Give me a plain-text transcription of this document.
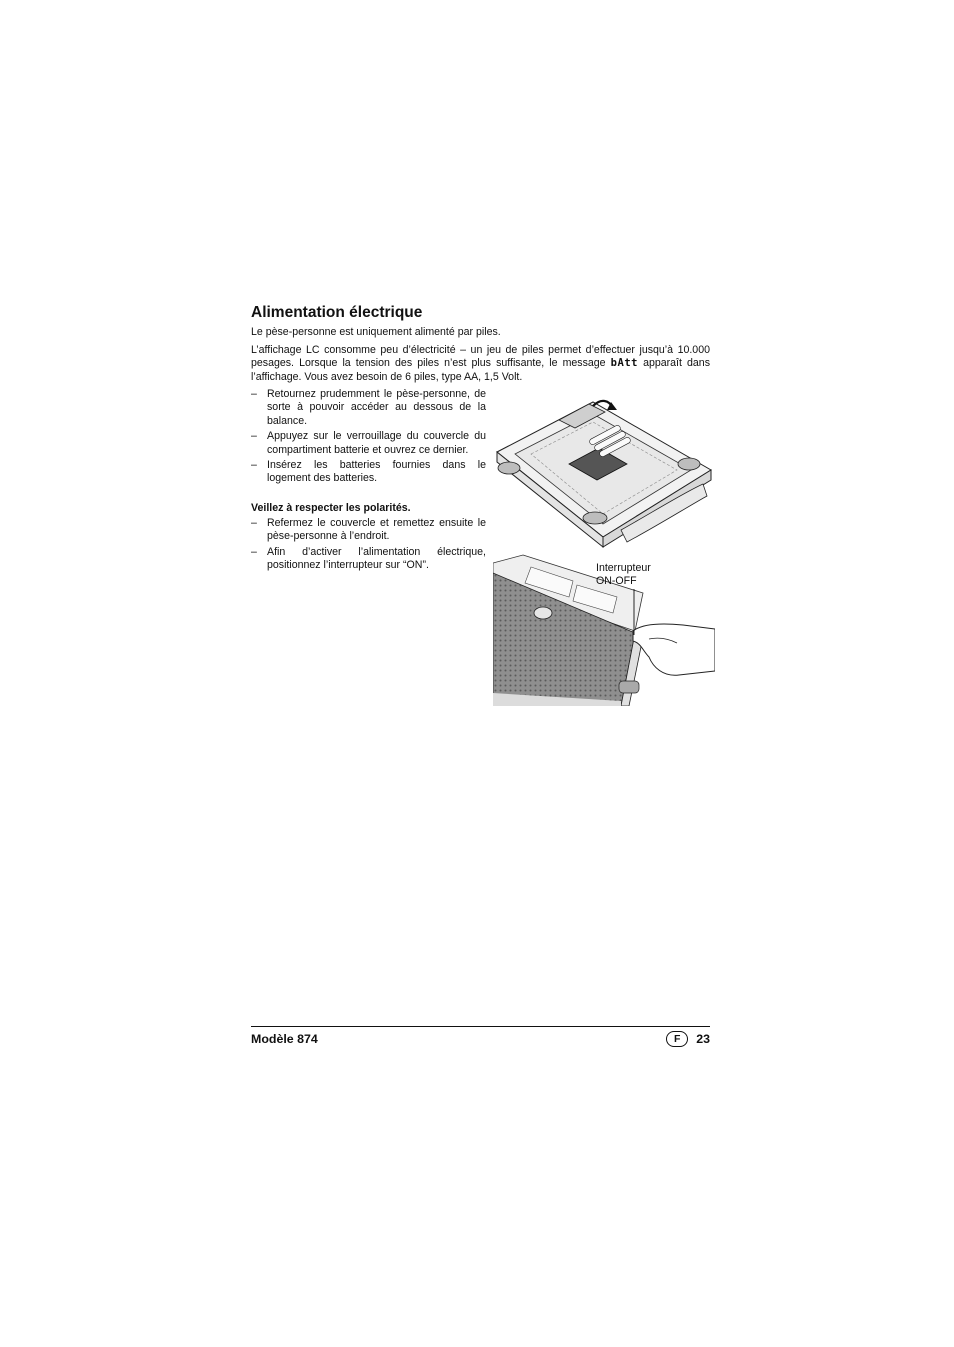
Alimentation électrique

Le pèse-personne est uniquement alimenté par piles.

L’affichage LC consomme peu d’électricité – un jeu de piles permet d’effectuer jusqu’à 10.000 pesages. Lorsque la tension des piles n’est plus suffisante, le message bAtt apparaît dans l’affichage. Vous avez besoin de 6 piles, type AA, 1,5 Volt.

– Retournez prudemment le pèse-personne, de sorte à pouvoir accéder au dessous de la balance.
– Appuyez sur le verrouillage du couvercle du compartiment batterie et ouvrez ce dernier.
– Insérez les batteries fournies dans le logement des batteries.

Veillez à respecter les polarités.

– Refermez le couvercle et remettez ensuite le pèse-personne à l’endroit.
– Afin d’activer l’alimentation électrique, positionnez l’interrupteur sur “ON”.	Interrupteur
ON-OFF
Modèle 874	F	23
